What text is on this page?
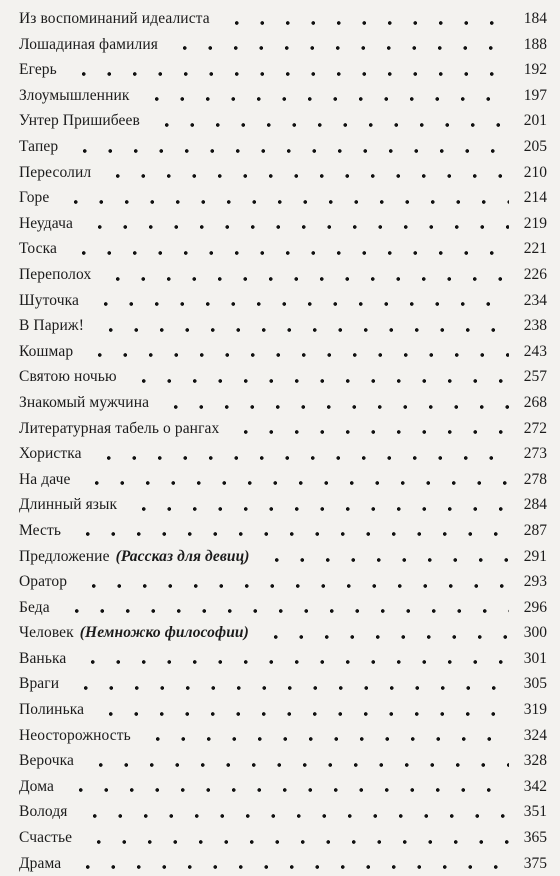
Из воспоминаний идеалиста	184
Лошадиная фамилия	188
Егерь	192
Злоумышленник	197
Унтер Пришибеев	201
Тапер	205
Пересолил	210
Горе	214
Неудача	219
Тоска	221
Переполох	226
Шуточка	234
В Париж!	238
Кошмар	243
Святою ночью	257
Знакомый мужчина	268
Литературная табель о рангах	272
Хористка	273
На даче	278
Длинный язык	284
Месть	287
Предложение (Рассказ для девиц)	291
Оратор	293
Беда	296
Человек (Немножко философии)	300
Ванька	301
Враги	305
Полинька	319
Неосторожность	324
Верочка	328
Дома	342
Володя	351
Счастье	365
Драма	375
